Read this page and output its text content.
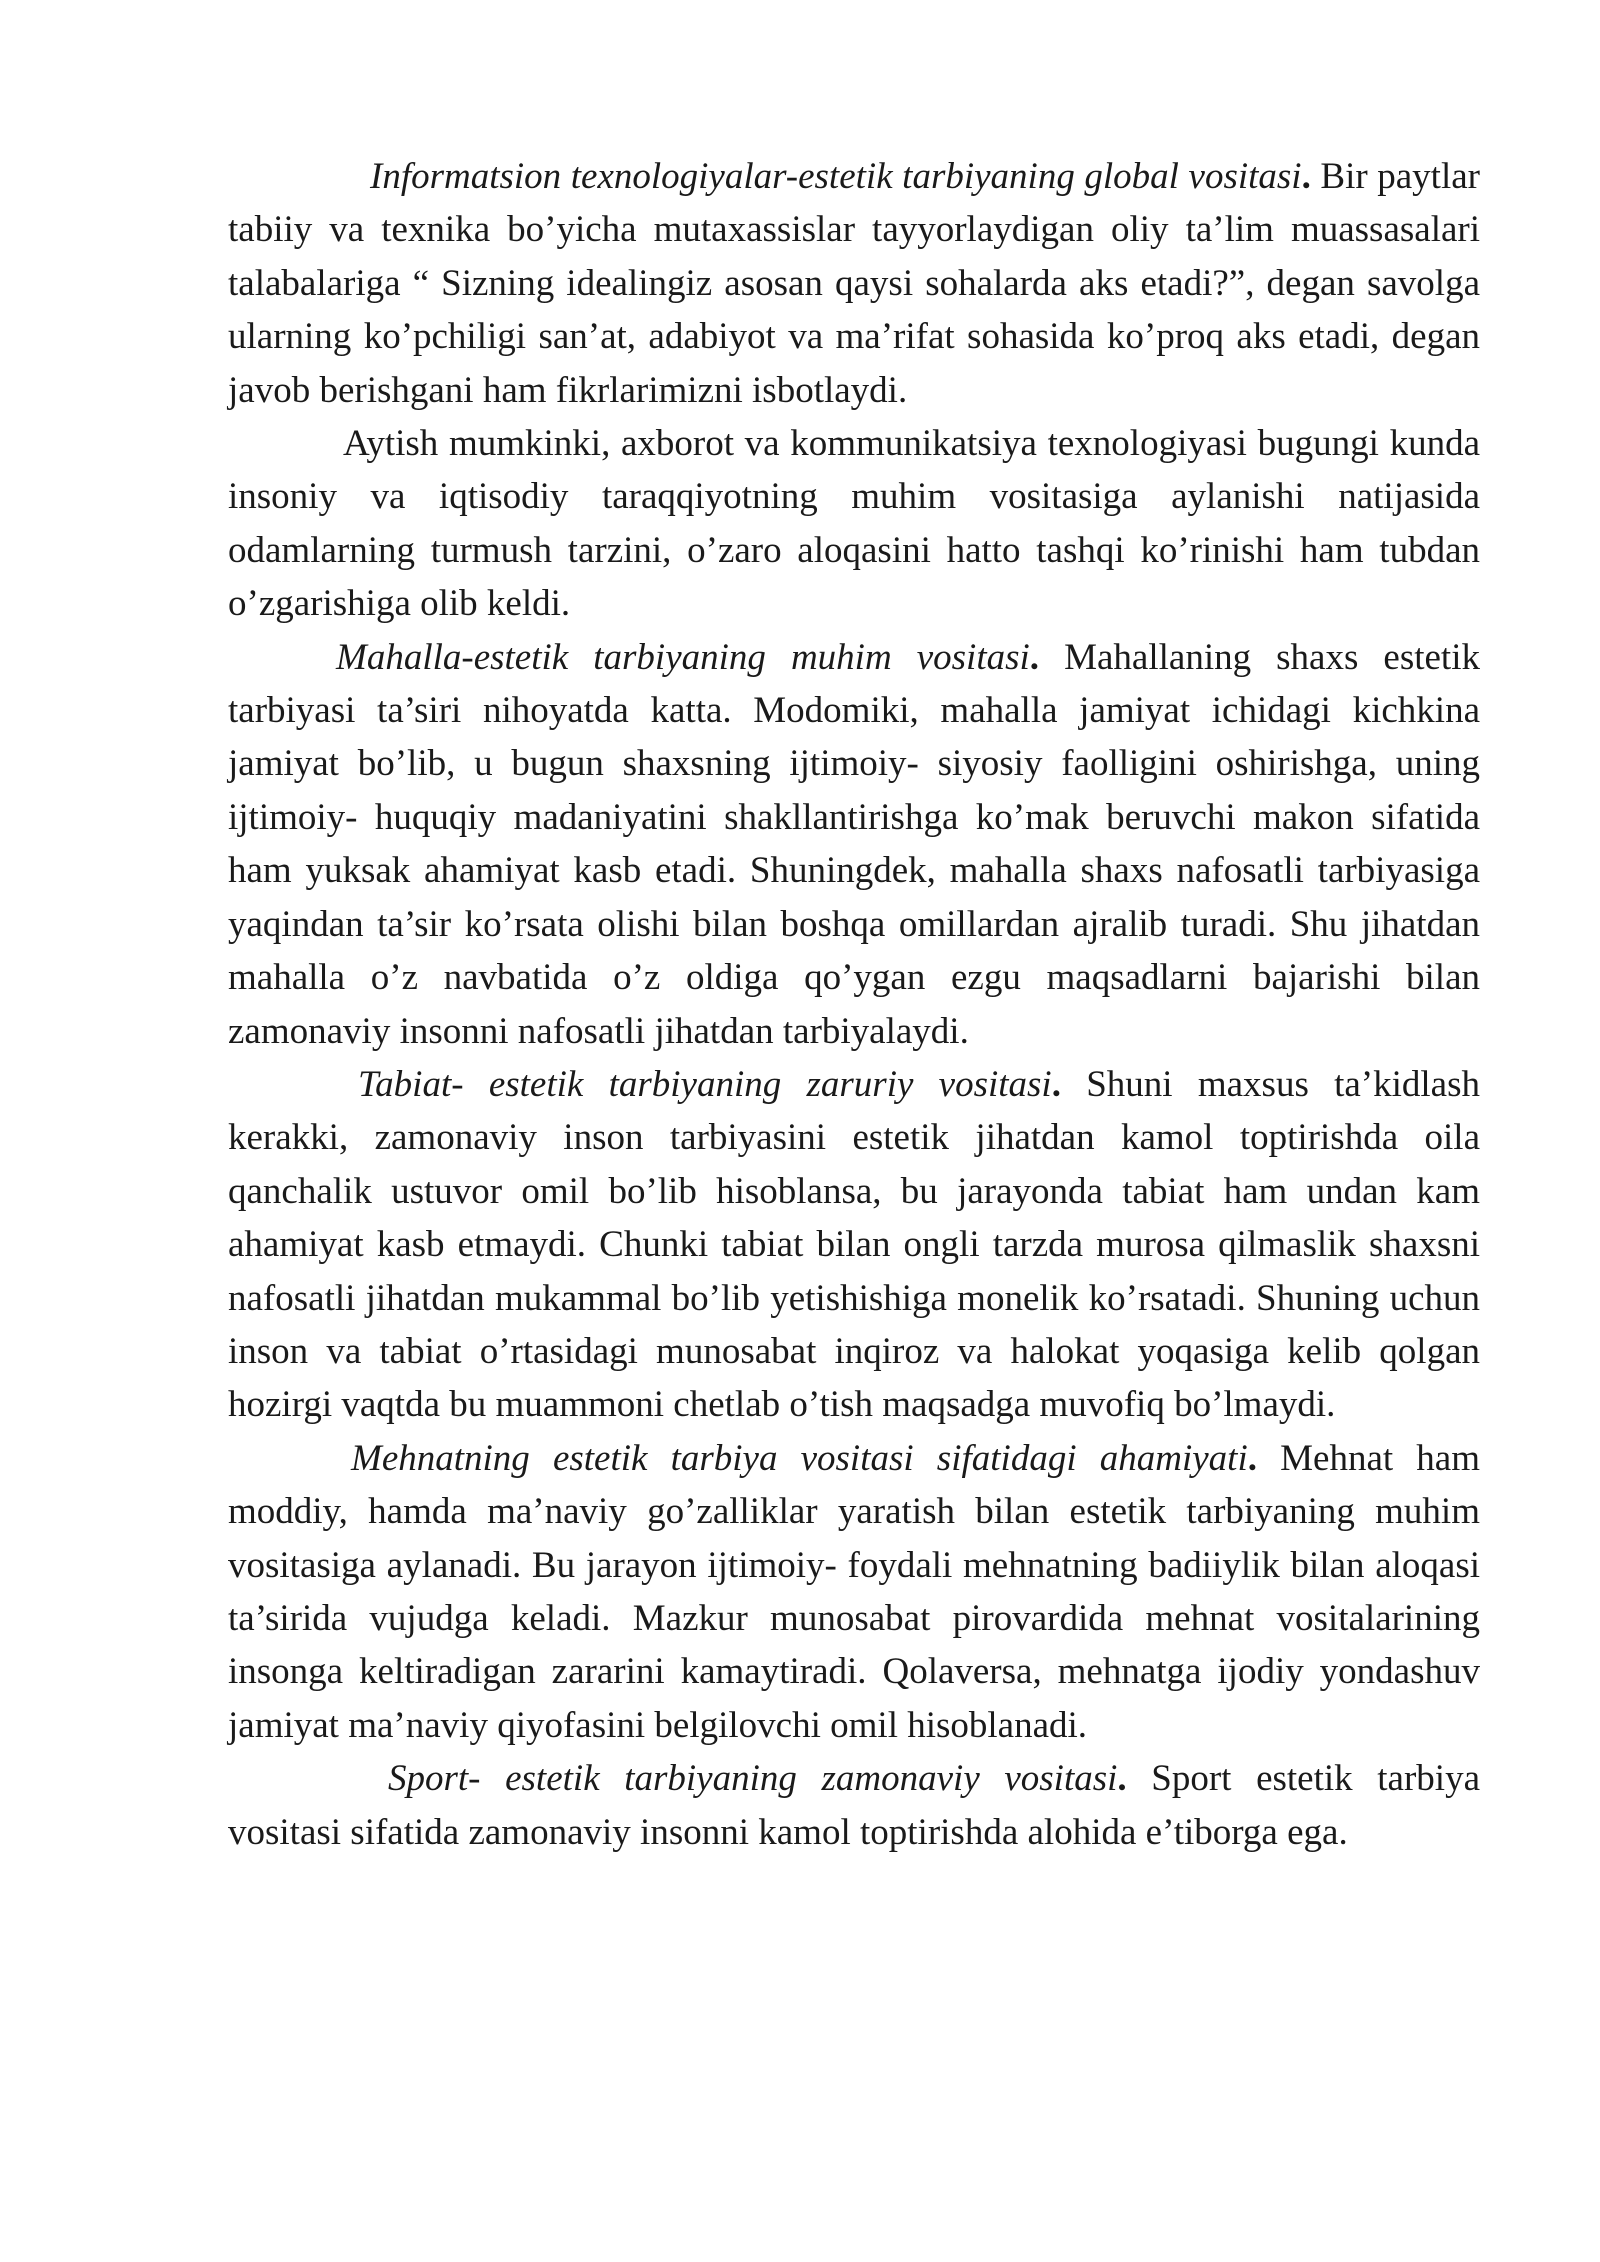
Informatsion texnologiyalar-estetik tarbiyaning global vositasi. Bir paytlar tabiiy va texnika bo’yicha mutaxassislar tayyorlaydigan oliy ta’lim muassasalari talabalariga “ Sizning idealingiz asosan qaysi sohalarda aks etadi?”, degan savolga ularning ko’pchiligi san’at, adabiyot va ma’rifat sohasida ko’proq aks etadi, degan javob berishgani ham fikrlarimizni isbotlaydi.

Aytish mumkinki, axborot va kommunikatsiya texnologiyasi bugungi kunda insoniy va iqtisodiy taraqqiyotning muhim vositasiga aylanishi natijasida odamlarning turmush tarzini, o’zaro aloqasini hatto tashqi ko’rinishi ham tubdan o’zgarishiga olib keldi.

Mahalla-estetik tarbiyaning muhim vositasi. Mahallaning shaxs estetik tarbiyasi ta’siri nihoyatda katta. Modomiki, mahalla jamiyat ichidagi kichkina jamiyat bo’lib, u bugun shaxsning ijtimoiy- siyosiy faolligini oshirishga, uning ijtimoiy- huquqiy madaniyatini shakllantirishga ko’mak beruvchi makon sifatida ham yuksak ahamiyat kasb etadi. Shuningdek, mahalla shaxs nafosatli tarbiyasiga yaqindan ta’sir ko’rsata olishi bilan boshqa omillardan ajralib turadi. Shu jihatdan mahalla o’z navbatida o’z oldiga qo’ygan ezgu maqsadlarni bajarishi bilan zamonaviy insonni nafosatli jihatdan tarbiyalaydi.

Tabiat- estetik tarbiyaning zaruriy vositasi. Shuni maxsus ta’kidlash kerakki, zamonaviy inson tarbiyasini estetik jihatdan kamol toptirishda oila qanchalik ustuvor omil bo’lib hisoblansa, bu jarayonda tabiat ham undan kam ahamiyat kasb etmaydi. Chunki tabiat bilan ongli tarzda murosa qilmaslik shaxsni nafosatli jihatdan mukammal bo’lib yetishishiga monelik ko’rsatadi. Shuning uchun inson va tabiat o’rtasidagi munosabat inqiroz va halokat yoqasiga kelib qolgan hozirgi vaqtda bu muammoni chetlab o’tish maqsadga muvofiq bo’lmaydi.

Mehnatning estetik tarbiya vositasi sifatidagi ahamiyati. Mehnat ham moddiy, hamda ma’naviy go’zalliklar yaratish bilan estetik tarbiyaning muhim vositasiga aylanadi. Bu jarayon ijtimoiy- foydali mehnatning badiiylik bilan aloqasi ta’sirida vujudga keladi. Mazkur munosabat pirovardida mehnat vositalarining insonga keltiradigan zararini kamaytiradi. Qolaversa, mehnatga ijodiy yondashuv jamiyat ma’naviy qiyofasini belgilovchi omil hisoblanadi.

Sport- estetik tarbiyaning zamonaviy vositasi. Sport estetik tarbiya vositasi sifatida zamonaviy insonni kamol toptirishda alohida e’tiborga ega.
